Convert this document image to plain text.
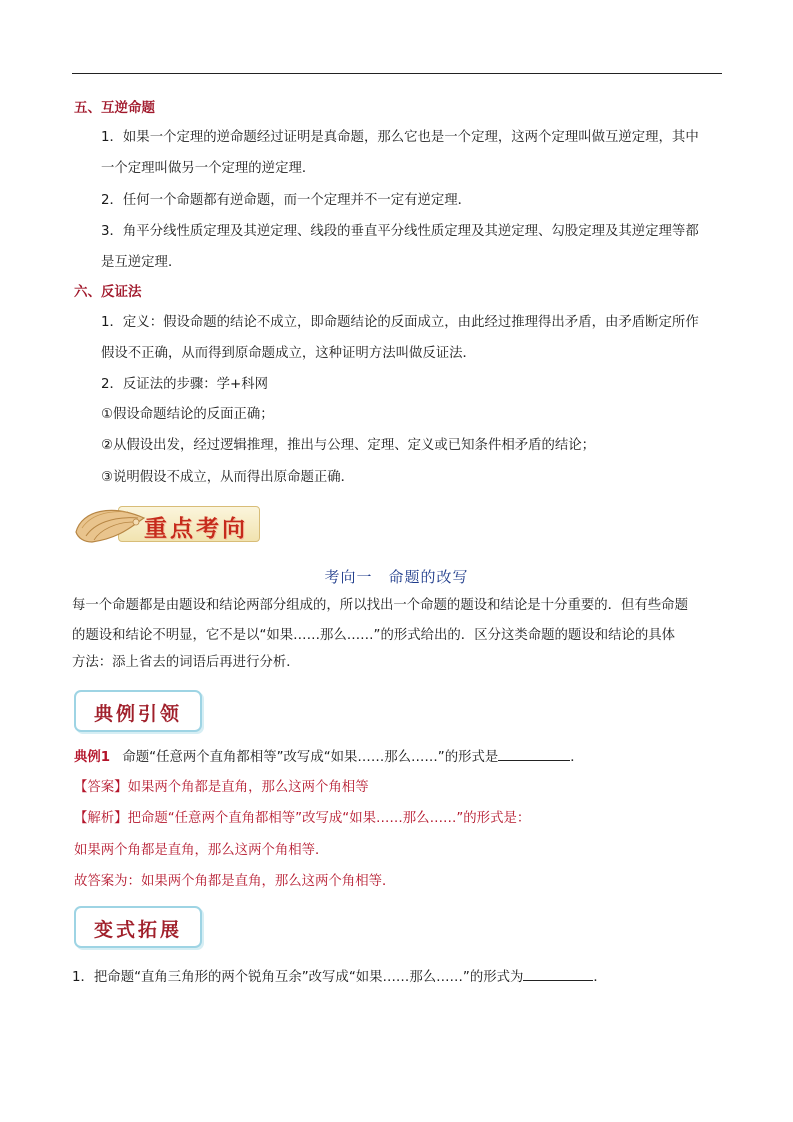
五、互逆命题
1．如果一个定理的逆命题经过证明是真命题，那么它也是一个定理，这两个定理叫做互逆定理，其中
一个定理叫做另一个定理的逆定理．
2．任何一个命题都有逆命题，而一个定理并不一定有逆定理．
3．角平分线性质定理及其逆定理、线段的垂直平分线性质定理及其逆定理、勾股定理及其逆定理等都
是互逆定理．
六、反证法
1．定义：假设命题的结论不成立，即命题结论的反面成立，由此经过推理得出矛盾，由矛盾断定所作
假设不正确，从而得到原命题成立，这种证明方法叫做反证法．
2．反证法的步骤：学+科网
①假设命题结论的反面正确；
②从假设出发，经过逻辑推理，推出与公理、定理、定义或已知条件相矛盾的结论；
③说明假设不成立，从而得出原命题正确．
重点考向
考向一 命题的改写
每一个命题都是由题设和结论两部分组成的，所以找出一个命题的题设和结论是十分重要的．但有些命题
的题设和结论不明显，它不是以“如果……那么……”的形式给出的．区分这类命题的题设和结论的具体
方法：添上省去的词语后再进行分析．
典例引领
典例1 命题“任意两个直角都相等”改写成“如果……那么……”的形式是	．
【答案】如果两个角都是直角，那么这两个角相等
【解析】把命题“任意两个直角都相等”改写成“如果……那么……”的形式是：
如果两个角都是直角，那么这两个角相等．
故答案为：如果两个角都是直角，那么这两个角相等．
变式拓展
1．把命题“直角三角形的两个锐角互余”改写成“如果……那么……”的形式为	．
